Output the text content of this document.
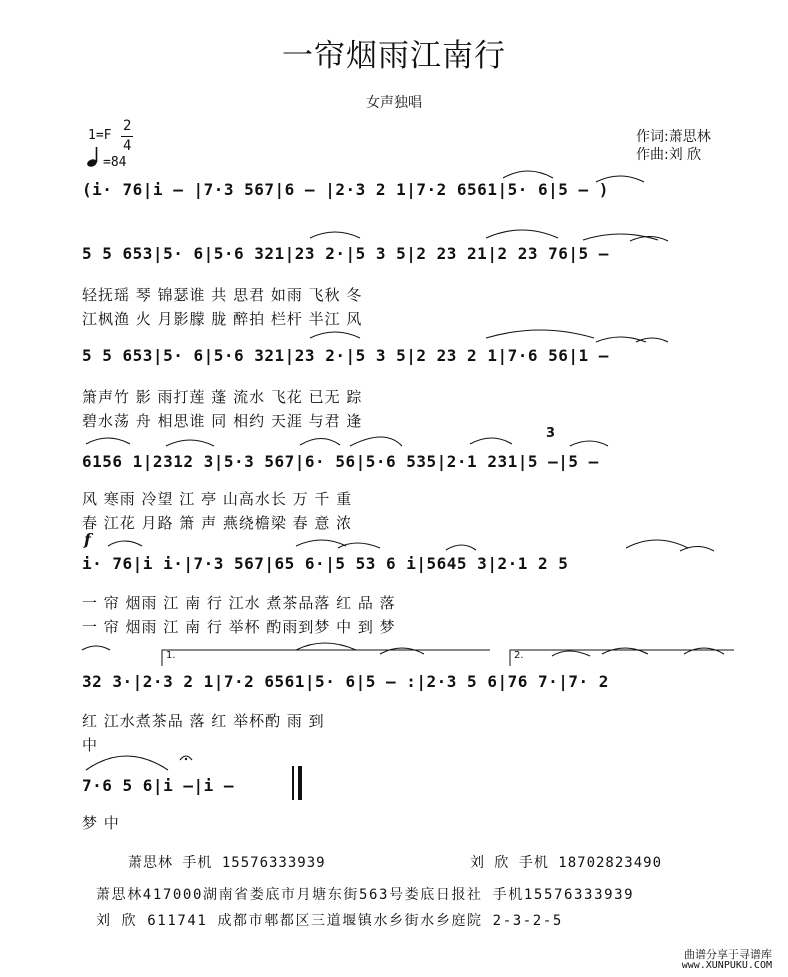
一帘烟雨江南行
女声独唱
1=F
2
4
=84
作词:萧思林
作曲:刘 欣
f
3
1.	2.
(i· 76|i – |7·3 567|6 – |2·3 2 1|7·2 6561|5· 6|5 – )
5 5 653|5· 6|5·6 321|23 2·|5 3 5|2 23 21|2 23 76|5 –
轻抚瑶 琴 锦瑟谁 共 思君 如雨 飞秋 冬
江枫渔 火 月影朦 胧 醉拍 栏杆 半江 风
5 5 653|5· 6|5·6 321|23 2·|5 3 5|2 23 2 1|7·6 56|1 –
箫声竹 影 雨打莲 蓬 流水 飞花 已无 踪
碧水荡 舟 相思谁 同 相约 天涯 与君 逢
6156 1|2312 3|5·3 567|6· 56|5·6 535|2·1 231|5 –|5 –
风 寒雨 冷望 江 亭 山高水长 万 千 重
春 江花 月路 箫 声 燕绕檐梁 春 意 浓
i· 76|i i·|7·3 567|65 6·|5 53 6 i|5645 3|2·1 2 5
一 帘 烟雨 江 南 行 江水 煮茶品落 红 品 落
一 帘 烟雨 江 南 行 举杯 酌雨到梦 中 到 梦
32 3·|2·3 2 1|7·2 6561|5· 6|5 – :|2·3 5 6|76 7·|7· 2
红 江水煮茶品 落 红 举杯酌 雨 到
中
7·6 5 6|i –|i –
梦 中
萧思林 手机 15576333939	刘 欣 手机 18702823490
萧思林417000湖南省娄底市月塘东街563号娄底日报社 手机15576333939
刘 欣 611741 成都市郫都区三道堰镇水乡街水乡庭院 2-3-2-5
曲谱分享于寻谱库
www.XUNPUKU.COM
